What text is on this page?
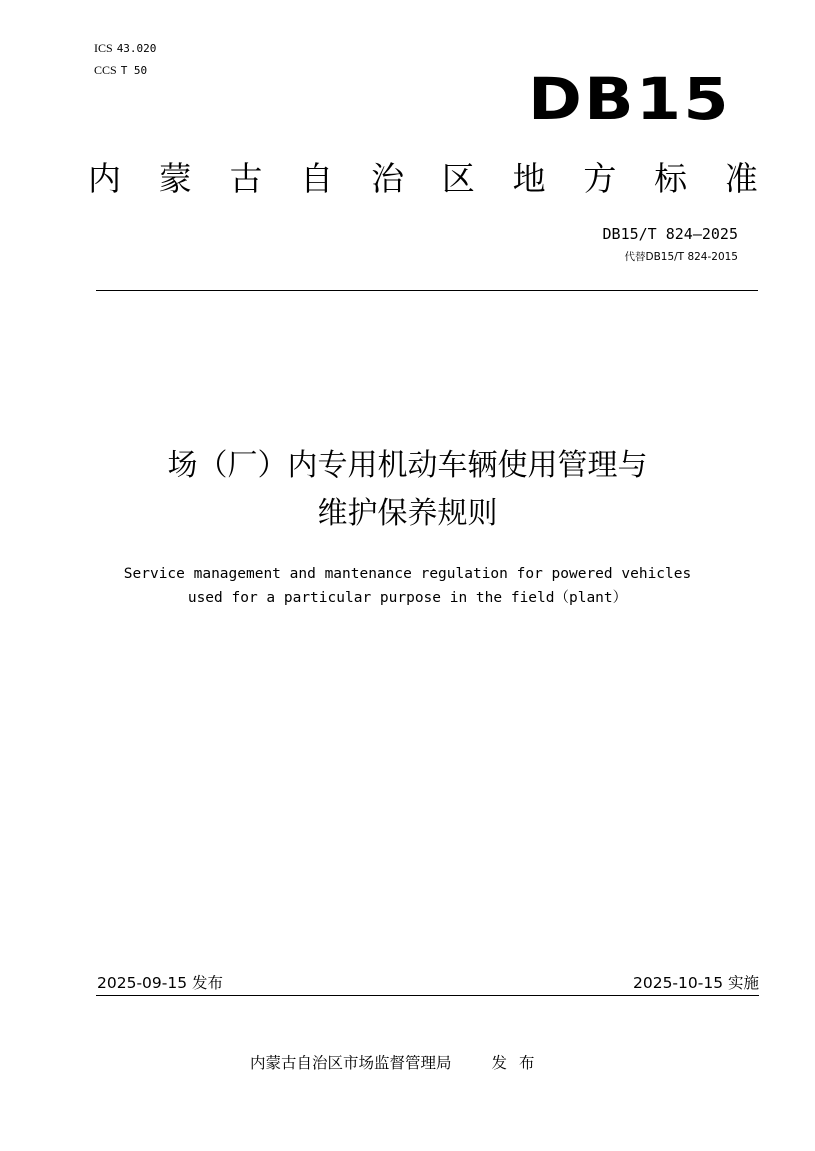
ICS 43.020
CCS T 50	DB15
内 蒙 古 自 治 区 地 方 标 准
DB15/T 824—2025
代替DB15/T 824-2015
场（厂）内专用机动车辆使用管理与
维护保养规则
Service management and mantenance regulation for powered vehicles
used for a particular purpose in the field（plant）
2025-09-15 发布	2025-10-15 实施
内蒙古自治区市场监督管理局	发布
